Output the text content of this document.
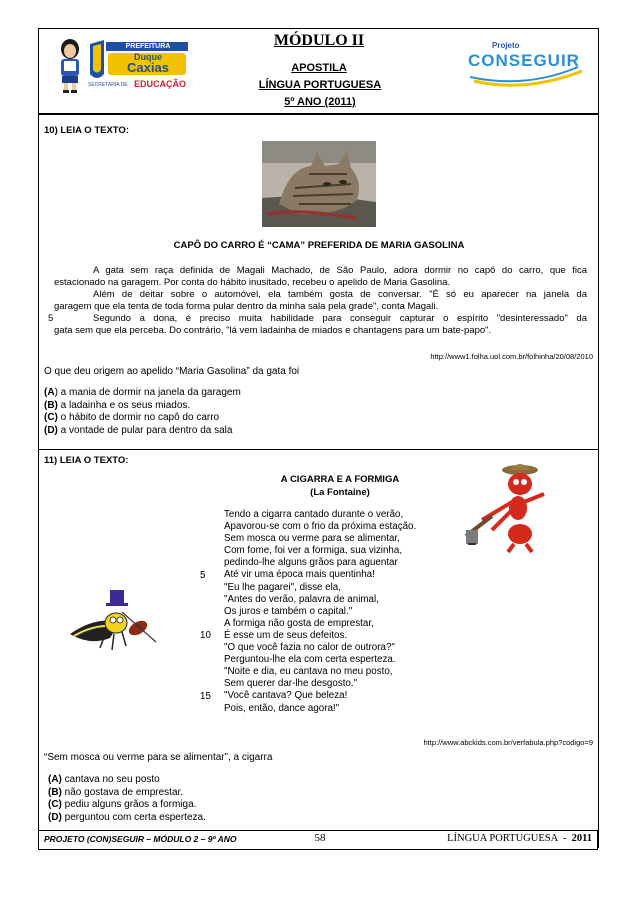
PREFEITURA
Duque
Caxias
SECRETARIA DE EDUCAÇÃO
MÓDULO II
APOSTILA
LÍNGUA PORTUGUESA
5º ANO (2011)
Projeto
CONSEGUIR
10) LEIA O TEXTO:
CAPÔ DO CARRO É “CAMA” PREFERIDA DE MARIA GASOLINA
A gata sem raça definida de Magali Machado, de São Paulo, adora dormir no capô do carro, que fica
estacionado na garagem. Por conta do hábito inusitado, recebeu o apelido de Maria Gasolina.
Além de deitar sobre o automóvel, ela também gosta de conversar. "É só eu aparecer na janela da
garagem que ela tenta de toda forma pular dentro da minha sala pela grade", conta Magali.
5	Segundo a dona, é preciso muita habilidade para conseguir capturar o espírito "desinteressado" da
gata sem que ela perceba. Do contrário, "lá vem ladainha de miados e chantagens para um bate-papo".
http://www1.folha.uol.com.br/folhinha/20/08/2010
O que deu origem ao apelido “Maria Gasolina” da gata foi
(A) a mania de dormir na janela da garagem
(B) a ladainha e os seus miados.
(C) o hábito de dormir no capô do carro
(D) a vontade de pular para dentro da sala
11) LEIA O TEXTO:
A CIGARRA E A FORMIGA
(La Fontaine)
Tendo a cigarra cantado durante o verão,
Apavorou-se com o frio da próxima estação.
Sem mosca ou verme para se alimentar,
Com fome, foi ver a formiga, sua vizinha,
pedindo-lhe alguns grãos para aguentar
Até vir uma época mais quentinha!
"Eu lhe pagarei", disse ela,
"Antes do verão, palavra de animal,
Os juros e também o capital."
A formiga não gosta de emprestar,
É esse um de seus defeitos.
"O que você fazia no calor de outrora?"
Perguntou-lhe ela com certa esperteza.
"Noite e dia, eu cantava no meu posto,
Sem querer dar-lhe desgosto."
"Você cantava? Que beleza!
Pois, então, dance agora!"
5
10
15
http://www.abckids.com.br/verfabula.php?codigo=9
“Sem mosca ou verme para se alimentar”, a cigarra
(A) cantava no seu posto
(B) não gostava de emprestar.
(C) pediu alguns grãos a formiga.
(D) perguntou com certa esperteza.
PROJETO (CON)SEGUIR – MÓDULO 2 – 9º ANO	58	LÍNGUA PORTUGUESA  -  2011
